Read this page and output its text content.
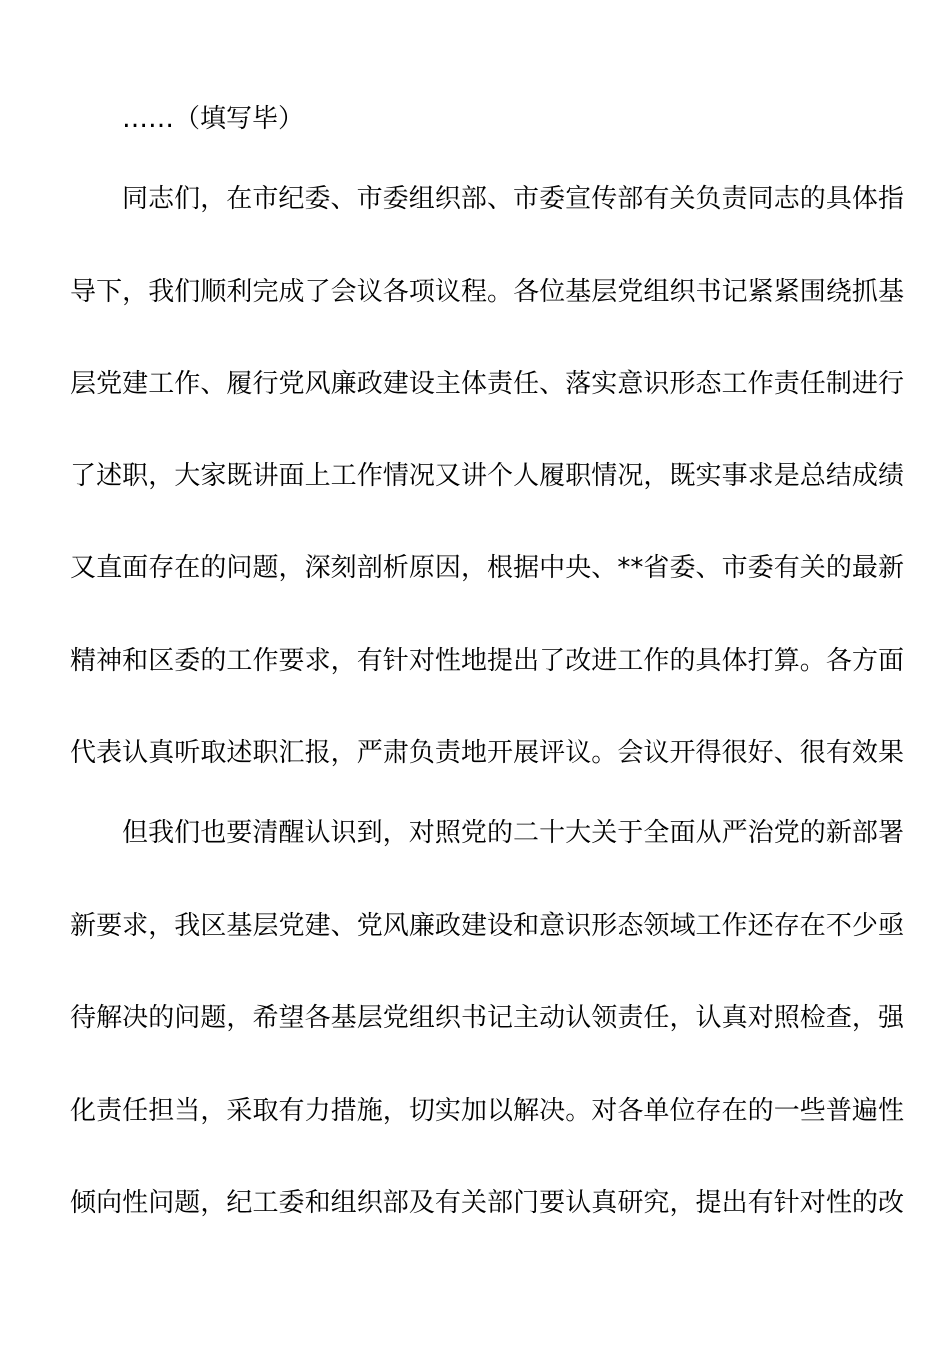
……（填写毕）
同志们，在市纪委、市委组织部、市委宣传部有关负责同志的具体指
导下，我们顺利完成了会议各项议程。各位基层党组织书记紧紧围绕抓基
层党建工作、履行党风廉政建设主体责任、落实意识形态工作责任制进行
了述职，大家既讲面上工作情况又讲个人履职情况，既实事求是总结成绩
又直面存在的问题，深刻剖析原因，根据中央、**省委、市委有关的最新
精神和区委的工作要求，有针对性地提出了改进工作的具体打算。各方面
代表认真听取述职汇报，严肃负责地开展评议。会议开得很好、很有效果
但我们也要清醒认识到，对照党的二十大关于全面从严治党的新部署
新要求，我区基层党建、党风廉政建设和意识形态领域工作还存在不少亟
待解决的问题，希望各基层党组织书记主动认领责任，认真对照检查，强
化责任担当，采取有力措施，切实加以解决。对各单位存在的一些普遍性
倾向性问题，纪工委和组织部及有关部门要认真研究，提出有针对性的改
